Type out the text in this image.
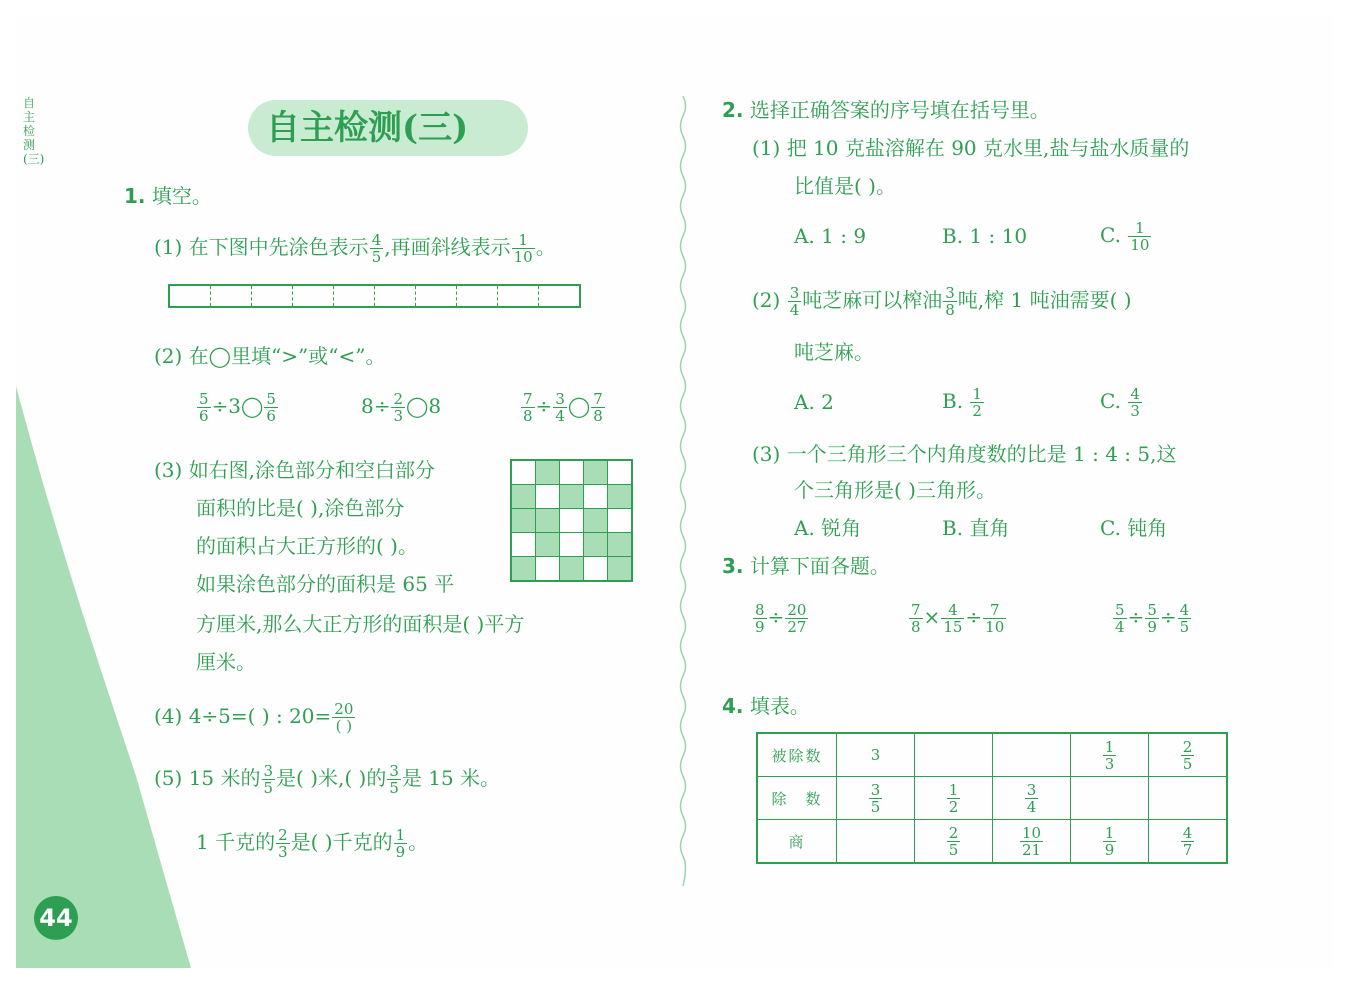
自主检测(三)
44
自主检测(三)
1. 填空。
(1) 在下图中先涂色表示 $\frac{4}{5}$ ,再画斜线表示 $\frac{1}{10}$ 。

(2) 在◯里填“>”或“<”。
$\frac{5}{6}$ ÷3◯ $\frac{5}{6}$	$8\div \frac{2}{3}$ ◯8	$\frac{7}{8} \div \frac{3}{4}$ ◯ $\frac{7}{8}$
(3) 如右图,涂色部分和空白部分
面积的比是( ),涂色部分
的面积占大正方形的( )。
如果涂色部分的面积是 65 平
方厘米,那么大正方形的面积是( )平方
厘米。

(4) 4÷5=( ) : $20= \frac{20}{( )}$
(5) 15 米的 $\frac{3}{5}$ 是( )米,( )的 $\frac{3}{5}$ 是 15 米。
1 千克的 $\frac{2}{3}$ 是( )千克的 $\frac{1}{9}$ 。
2. 选择正确答案的序号填在括号里。
(1) 把 10 克盐溶解在 90 克水里,盐与盐水质量的
比值是( )。
A. 1 : 9	B. 1 : 10	C. $\frac{1}{10}$
$(2) \frac{3}{4}$ 吨芝麻可以榨油 $\frac{3}{8}$ 吨,榨 1 吨油需要( )
吨芝麻。
A. 2	B. $\frac{1}{2}$	C. $\frac{4}{3}$
(3) 一个三角形三个内角度数的比是 1 : 4 : 5,这
个三角形是( )三角形。
A. 锐角	B. 直角	C. 钝角
3. 计算下面各题。
$\frac{8}{9} \div \frac{20}{27}$	$\frac{7}{8} \times \frac{4}{15} \div \frac{7}{10}$	$\frac{5}{4} \div \frac{5}{9} \div \frac{4}{5}$
4. 填表。
被除数	3			$\frac{1}{3}$	$\frac{2}{5}$

除　数	$\frac{3}{5}$	$\frac{1}{2}$	$\frac{3}{4}$

商		$\frac{2}{5}$	$\frac{10}{21}$	$\frac{1}{9}$	$\frac{4}{7}$
